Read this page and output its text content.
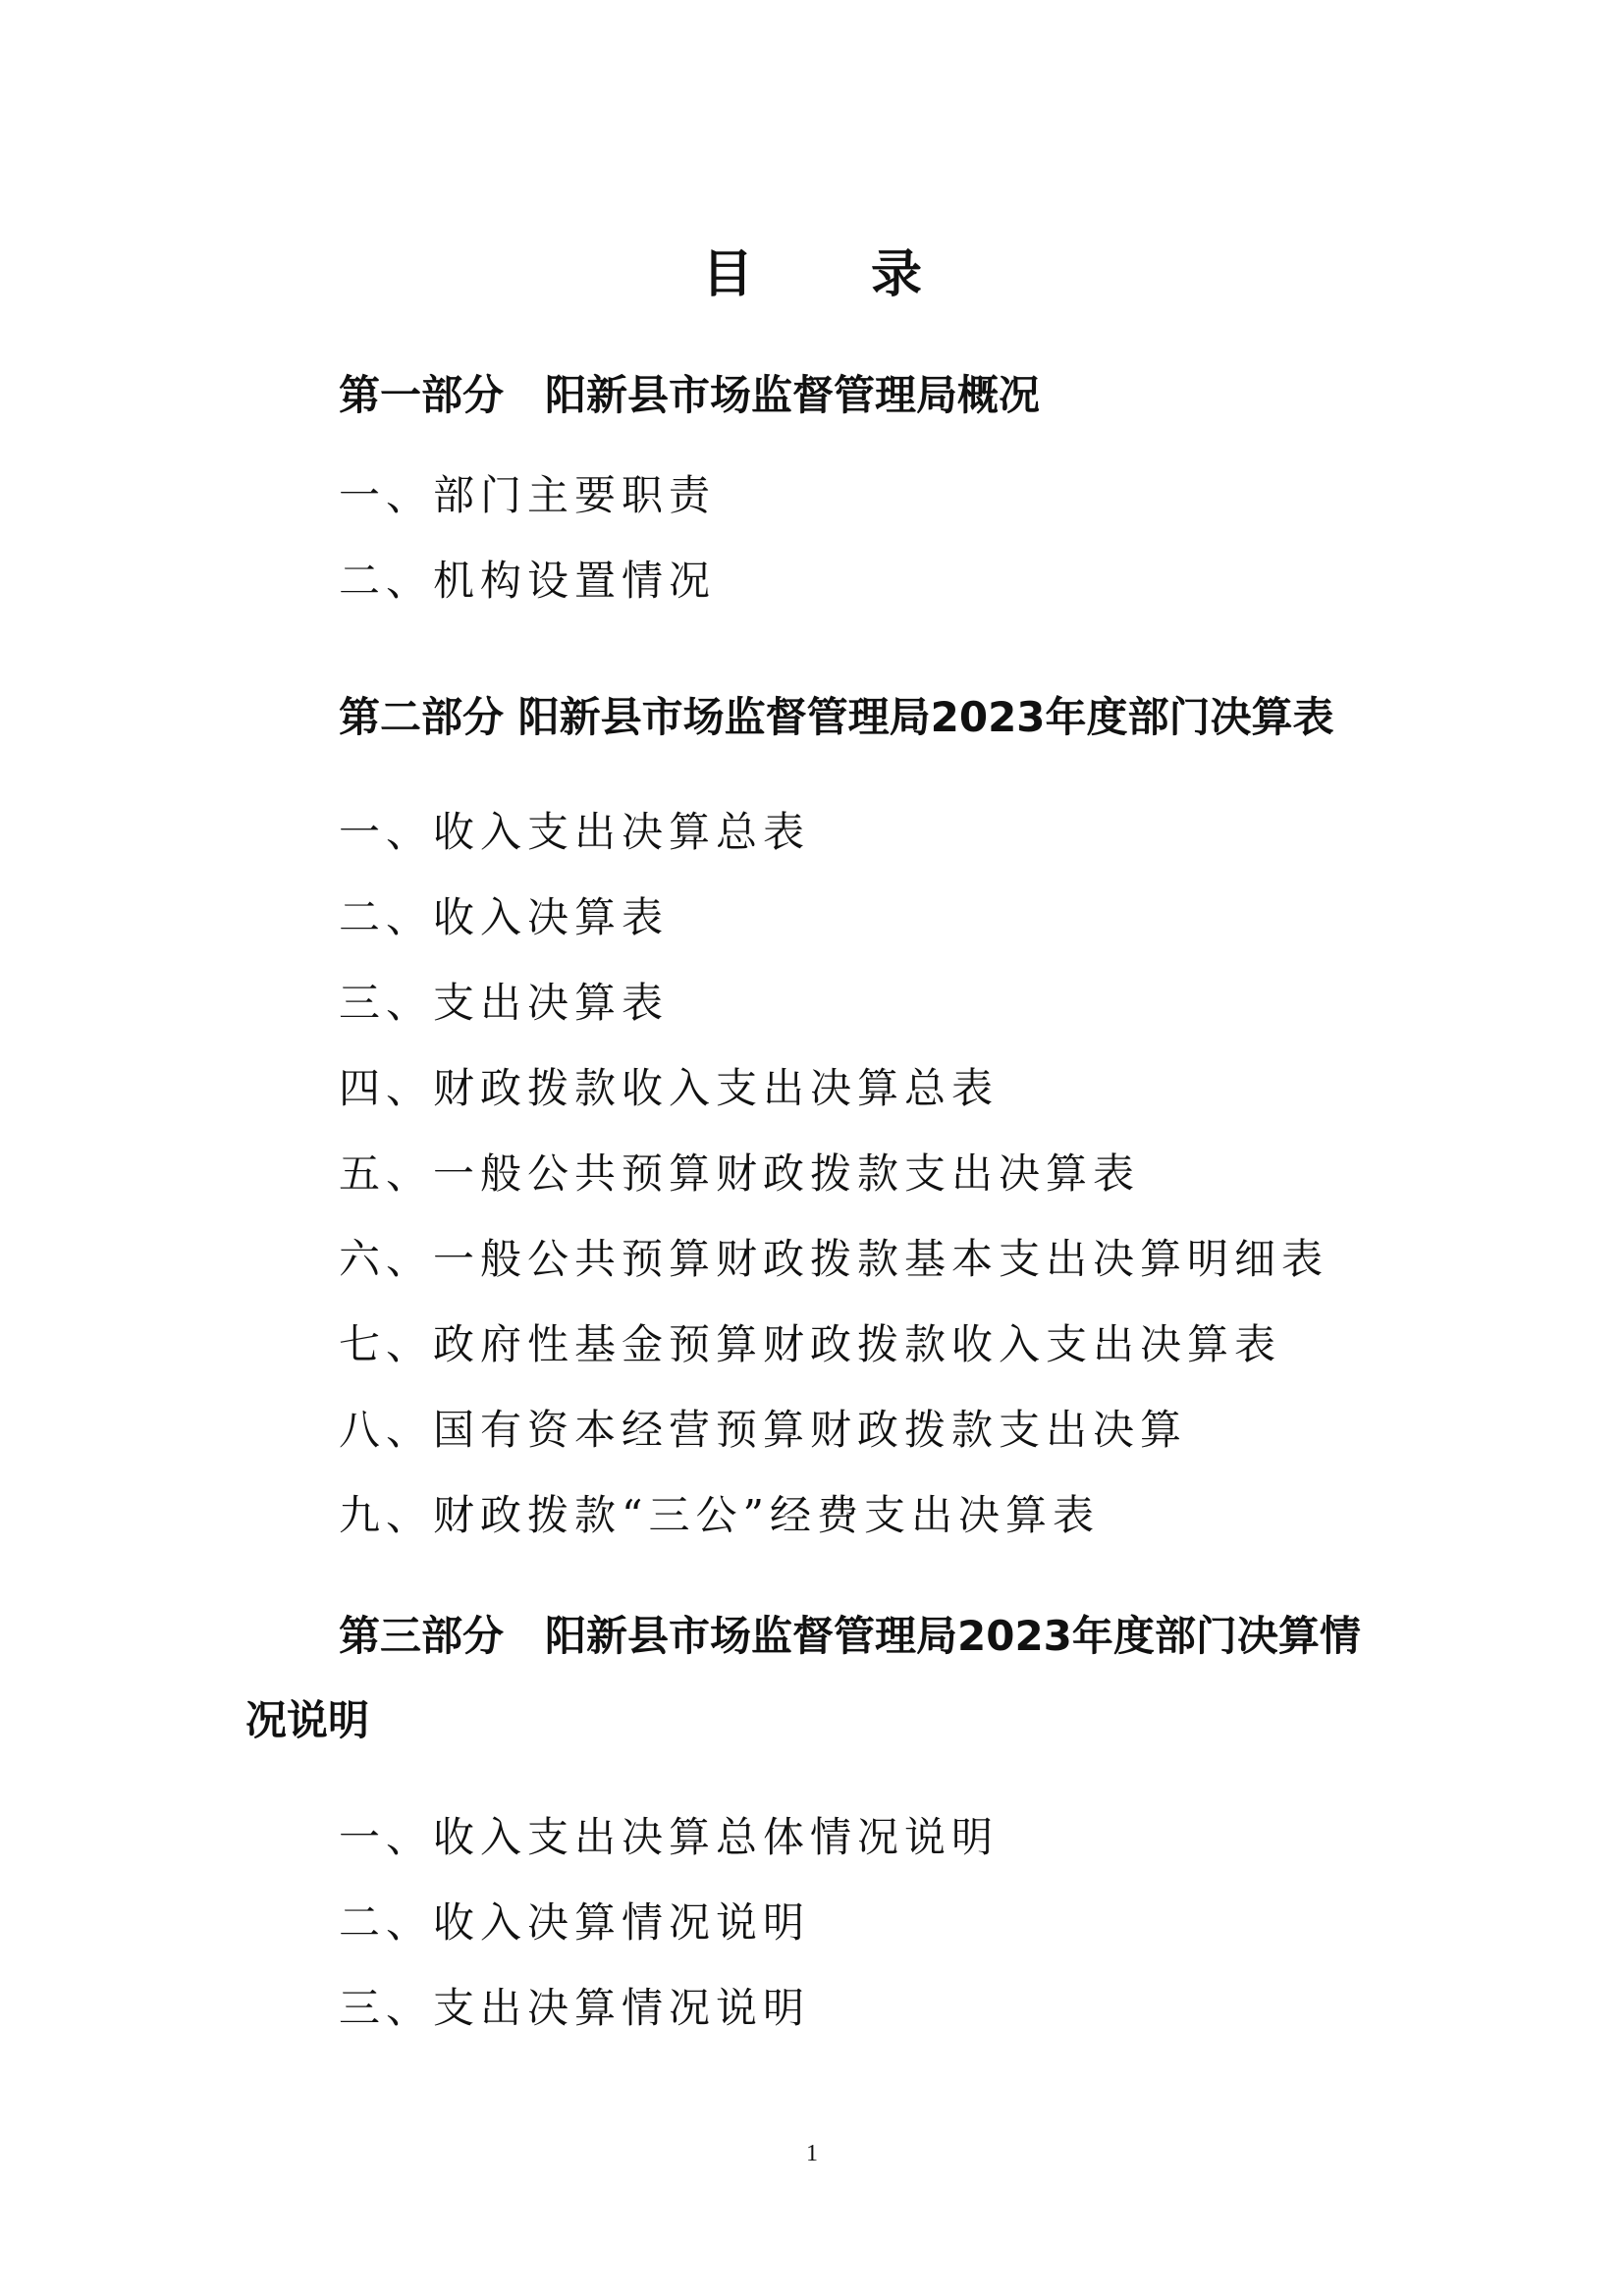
目录
第一部分　阳新县市场监督管理局概况
一、部门主要职责
二、机构设置情况
第二部分 阳新县市场监督管理局2023年度部门决算表
一、收入支出决算总表
二、收入决算表
三、支出决算表
四、财政拨款收入支出决算总表
五、一般公共预算财政拨款支出决算表
六、一般公共预算财政拨款基本支出决算明细表
七、政府性基金预算财政拨款收入支出决算表
八、国有资本经营预算财政拨款支出决算
九、财政拨款“三公”经费支出决算表
第三部分　阳新县市场监督管理局2023年度部门决算情况说明
一、收入支出决算总体情况说明
二、收入决算情况说明
三、支出决算情况说明
1
